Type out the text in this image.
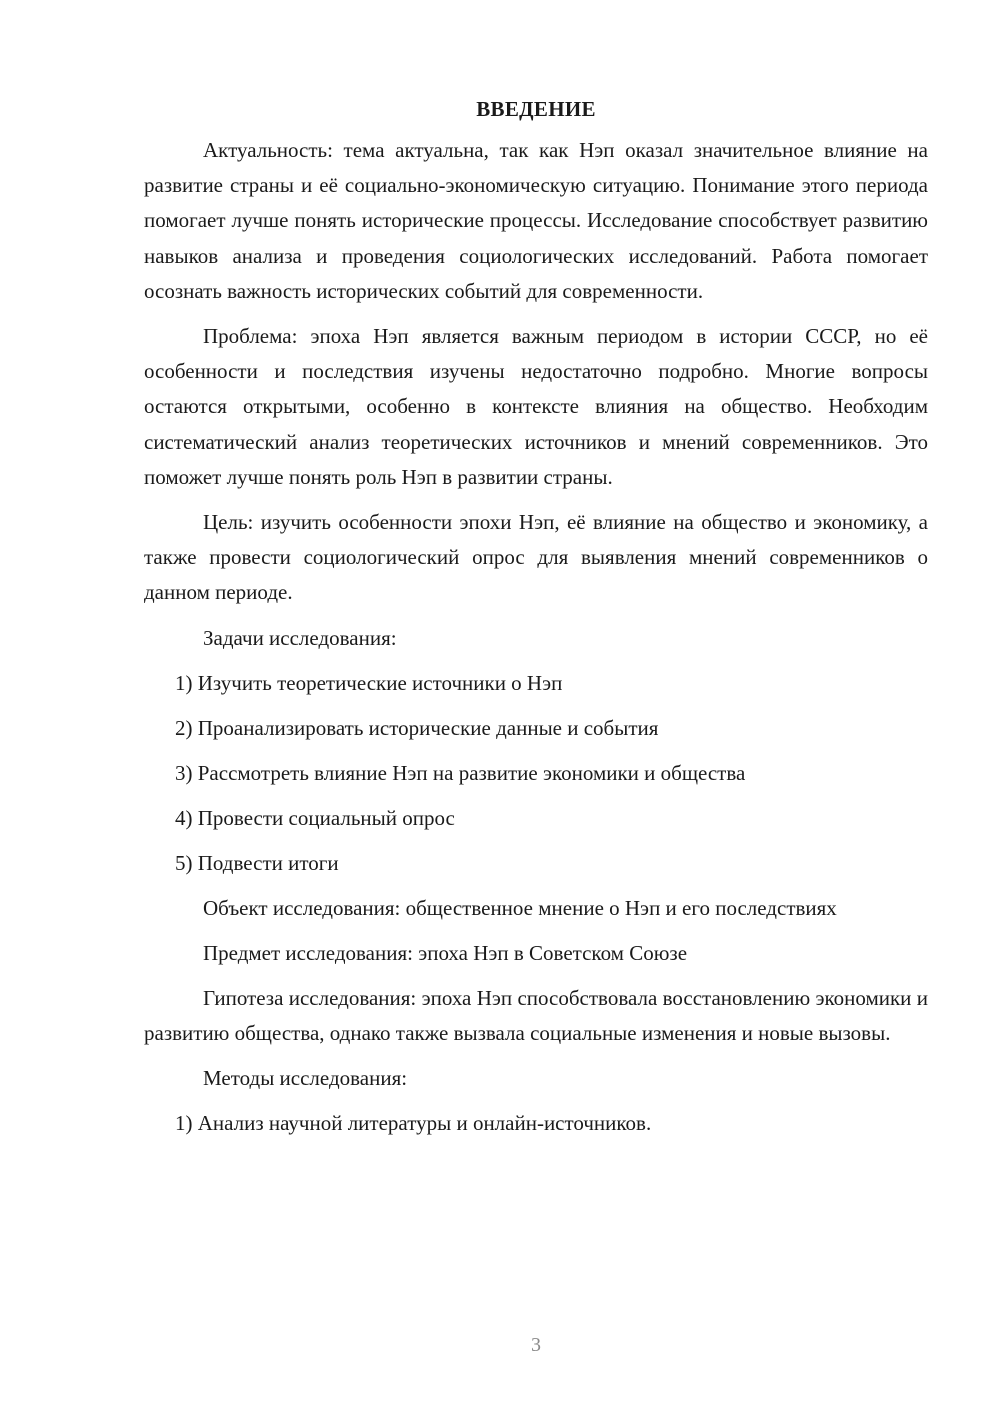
ВВЕДЕНИЕ

Актуальность: тема актуальна, так как Нэп оказал значительное влияние на развитие страны и её социально-экономическую ситуацию. Понимание этого периода помогает лучше понять исторические процессы. Исследование способствует развитию навыков анализа и проведения социологических исследований. Работа помогает осознать важность исторических событий для современности.

Проблема: эпоха Нэп является важным периодом в истории СССР, но её особенности и последствия изучены недостаточно подробно. Многие вопросы остаются открытыми, особенно в контексте влияния на общество. Необходим систематический анализ теоретических источников и мнений современников. Это поможет лучше понять роль Нэп в развитии страны.

Цель: изучить особенности эпохи Нэп, её влияние на общество и экономику, а также провести социологический опрос для выявления мнений современников о данном периоде.

Задачи исследования:

1) Изучить теоретические источники о Нэп

2) Проанализировать исторические данные и события

3) Рассмотреть влияние Нэп на развитие экономики и общества

4) Провести социальный опрос

5) Подвести итоги

Объект исследования: общественное мнение о Нэп и его последствиях

Предмет исследования: эпоха Нэп в Советском Союзе

Гипотеза исследования: эпоха Нэп способствовала восстановлению экономики и развитию общества, однако также вызвала социальные изменения и новые вызовы.

Методы исследования:

1) Анализ научной литературы и онлайн-источников.

3
